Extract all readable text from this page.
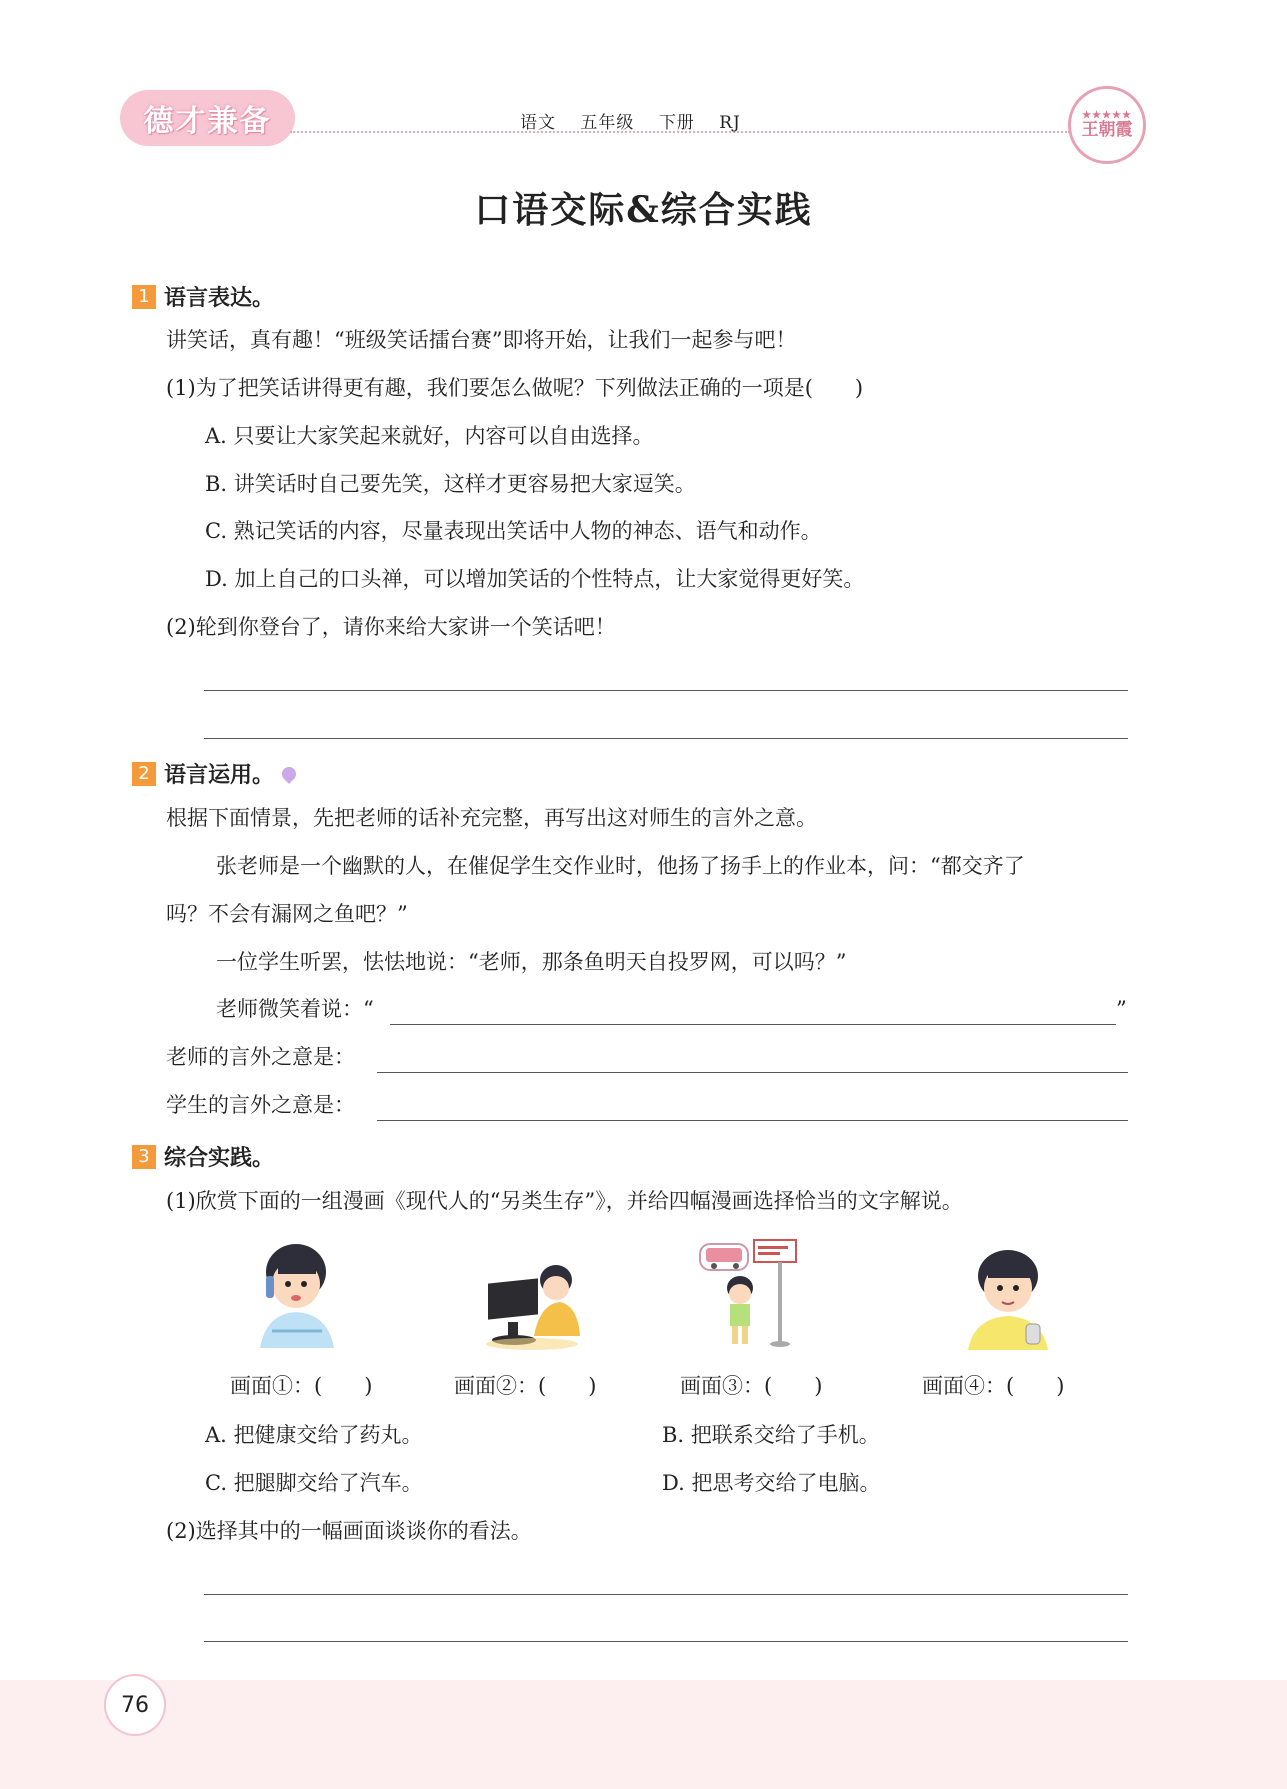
德才兼备	语文 五年级 下册 RJ	★★★★★
王朝霞
口语交际&综合实践
1 语言表达。
讲笑话，真有趣！“班级笑话擂台赛”即将开始，让我们一起参与吧！
(1)为了把笑话讲得更有趣，我们要怎么做呢？下列做法正确的一项是(　　)
A. 只要让大家笑起来就好，内容可以自由选择。
B. 讲笑话时自己要先笑，这样才更容易把大家逗笑。
C. 熟记笑话的内容，尽量表现出笑话中人物的神态、语气和动作。
D. 加上自己的口头禅，可以增加笑话的个性特点，让大家觉得更好笑。
(2)轮到你登台了，请你来给大家讲一个笑话吧！
2 语言运用。
根据下面情景，先把老师的话补充完整，再写出这对师生的言外之意。
张老师是一个幽默的人，在催促学生交作业时，他扬了扬手上的作业本，问：“都交齐了
吗？不会有漏网之鱼吧？”
一位学生听罢，怯怯地说：“老师，那条鱼明天自投罗网，可以吗？”
老师微笑着说：“	”
老师的言外之意是：
学生的言外之意是：
3 综合实践。
(1)欣赏下面的一组漫画《现代人的“另类生存”》，并给四幅漫画选择恰当的文字解说。
画面①：(　　)	画面②：(　　)	画面③：(　　)	画面④：(　　)
A. 把健康交给了药丸。	B. 把联系交给了手机。
C. 把腿脚交给了汽车。	D. 把思考交给了电脑。
(2)选择其中的一幅画面谈谈你的看法。
76
